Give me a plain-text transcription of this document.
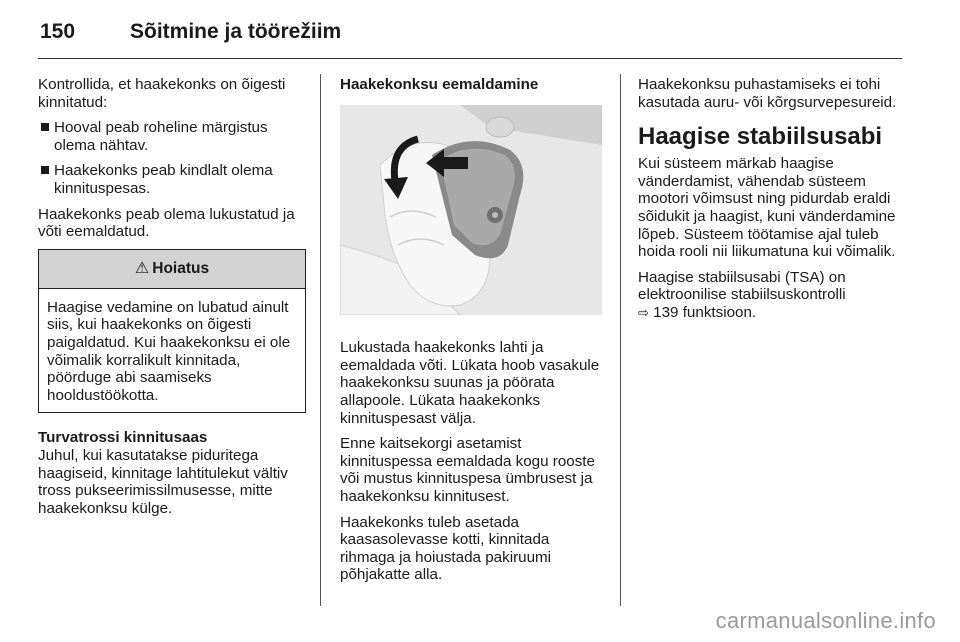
150	Sõitmine ja töörežiim

Kontrollida, et haakekonks on õigesti kinnitatud:

Hooval peab roheline märgistus olema nähtav.
Haakekonks peab kindlalt olema kinnituspesas.

Haakekonks peab olema lukustatud ja võti eemaldatud.

⚠ Hoiatus
Haagise vedamine on lubatud ainult siis, kui haakekonks on õigesti paigaldatud. Kui haakekonksu ei ole võimalik korralikult kinnitada, pöörduge abi saamiseks hooldustöökotta.

Turvatrossi kinnitusaas

Juhul, kui kasutatakse piduritega haagiseid, kinnitage lahtitulekut vältiv tross pukseerimissilmusesse, mitte haakekonksu külge.

Haakekonksu eemaldamine

Lukustada haakekonks lahti ja eemaldada võti. Lükata hoob vasakule haakekonksu suunas ja pöörata allapoole. Lükata haakekonks kinnituspesast välja.

Enne kaitsekorgi asetamist kinnituspessa eemaldada kogu rooste või mustus kinnituspesa ümbrusest ja haakekonksu kinnitusest.

Haakekonks tuleb asetada kaasasolevasse kotti, kinnitada rihmaga ja hoiustada pakiruumi põhjakatte alla.

Haakekonksu puhastamiseks ei tohi kasutada auru- või kõrgsurvepesureid.

Haagise stabiilsusabi

Kui süsteem märkab haagise vänderdamist, vähendab süsteem mootori võimsust ning pidurdab eraldi sõidukit ja haagist, kuni vänderdamine lõpeb. Süsteem töötamise ajal tuleb hoida rooli nii liikumatuna kui võimalik.

Haagise stabiilsusabi (TSA) on elektroonilise stabiilsuskontrolli
⇨ 139 funktsioon.

carmanualsonline.info
